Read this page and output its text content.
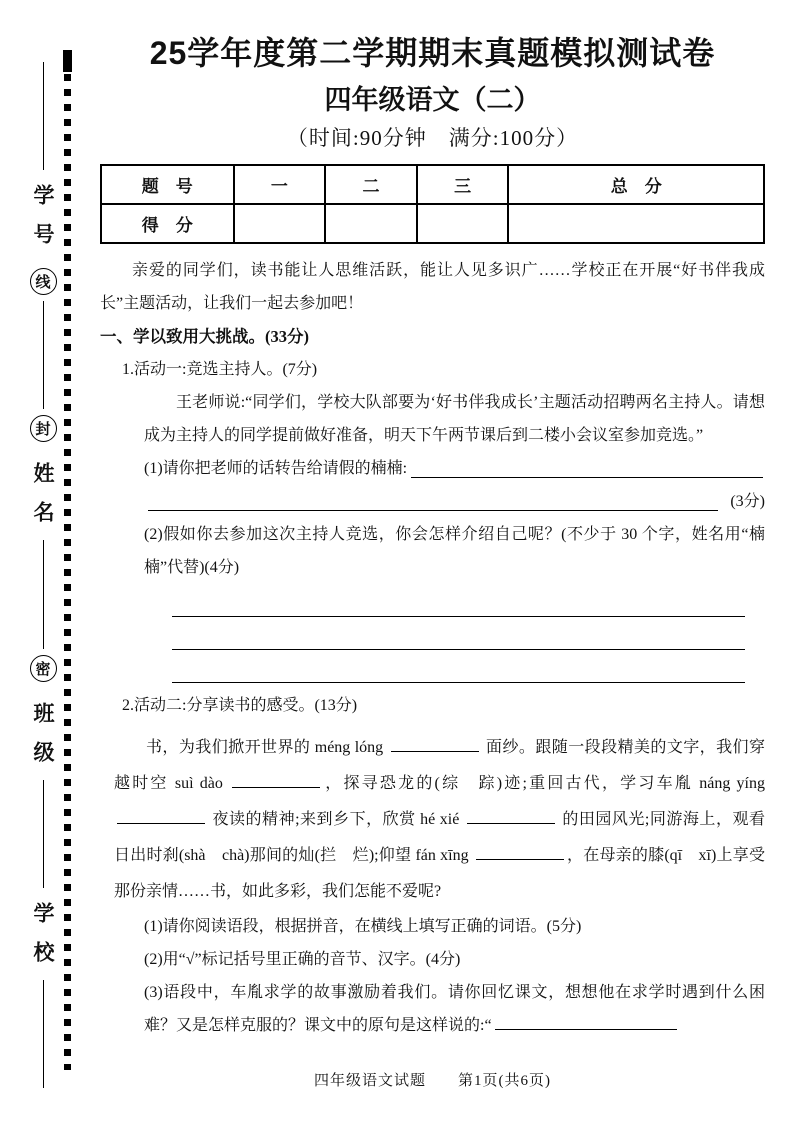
学号
线
封
姓名
密
班级
学校
25学年度第二学期期末真题模拟测试卷
四年级语文（二）
（时间:90分钟　满分:100分）
题　号	一	二	三	总　分
得　分				

亲爱的同学们，读书能让人思维活跃，能让人见多识广……学校正在开展“好书伴我成长”主题活动，让我们一起去参加吧！

一、学以致用大挑战。(33分)
1.活动一:竞选主持人。(7分)

王老师说:“同学们，学校大队部要为‘好书伴我成长’主题活动招聘两名主持人。请想成为主持人的同学提前做好准备，明天下午两节课后到二楼小会议室参加竞选。”

(1)请你把老师的话转告给请假的楠楠:
(3分)

(2)假如你去参加这次主持人竞选，你会怎样介绍自己呢？(不少于 30 个字，姓名用“楠楠”代替)(4分)

2.活动二:分享读书的感受。(13分)

书，为我们掀开世界的 méng lóng	面纱。跟随一段段精美的文字，我们穿越时空 suì dào	，探寻恐龙的(综　踪)迹;重回古代，学习车胤 náng yíng  夜读的精神;来到乡下，欣赏 hé xié	的田园风光;同游海上，观看日出时刹(shà　chà)那间的灿(拦　烂);仰望 fán xīng	，在母亲的膝(qī　xī)上享受那份亲情……书，如此多彩，我们怎能不爱呢?

(1)请你阅读语段，根据拼音，在横线上填写正确的词语。(5分)

(2)用“√”标记括号里正确的音节、汉字。(4分)

(3)语段中，车胤求学的故事激励着我们。请你回忆课文，想想他在求学时遇到什么困难？又是怎样克服的？课文中的原句是这样说的:“

四年级语文试题　　第1页(共6页)
